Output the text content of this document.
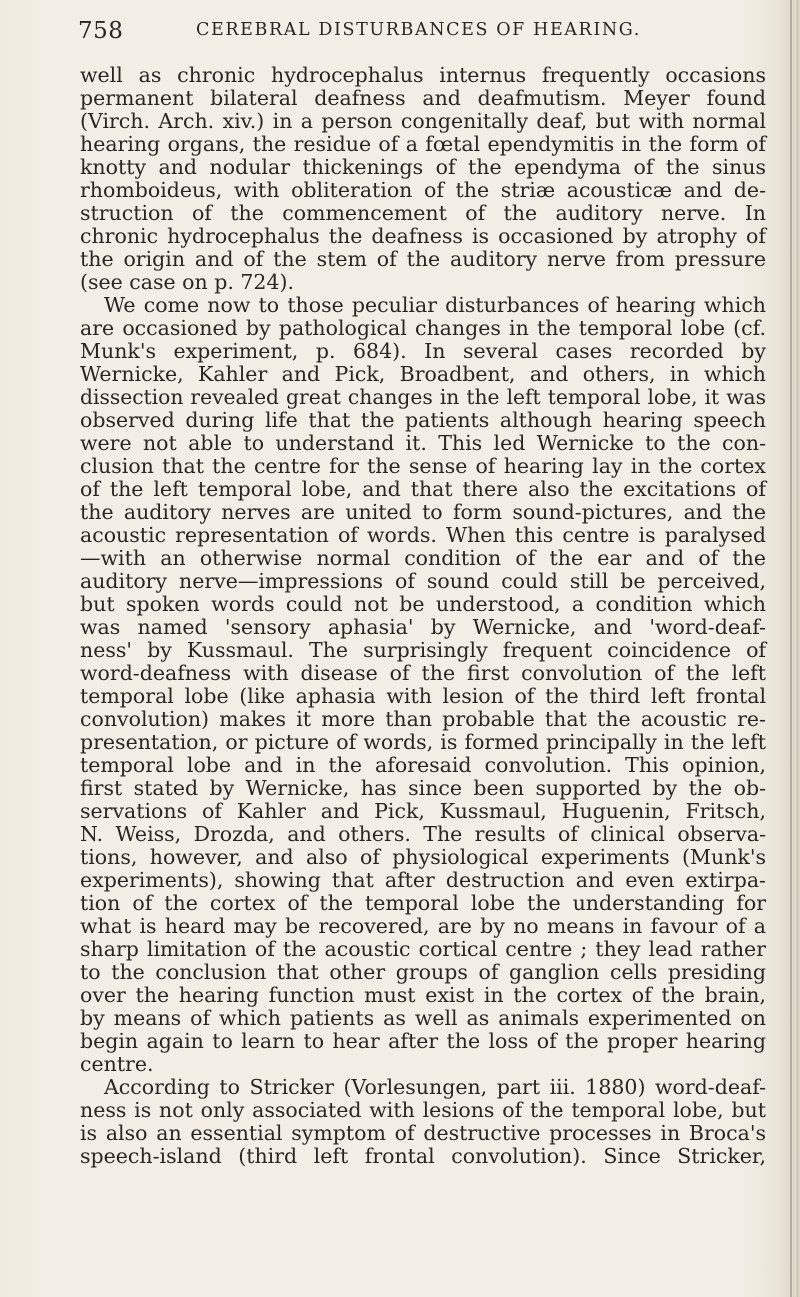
758	CEREBRAL DISTURBANCES OF HEARING.
well as chronic hydrocephalus internus frequently occasions
permanent bilateral deafness and deafmutism. Meyer found
(Virch. Arch. xiv.) in a person congenitally deaf, but with normal
hearing organs, the residue of a fœtal ependymitis in the form of
knotty and nodular thickenings of the ependyma of the sinus
rhomboideus, with obliteration of the striæ acousticæ and de-
struction of the commencement of the auditory nerve. In
chronic hydrocephalus the deafness is occasioned by atrophy of
the origin and of the stem of the auditory nerve from pressure
(see case on p. 724).
We come now to those peculiar disturbances of hearing which
are occasioned by pathological changes in the temporal lobe (cf.
Munk's experiment, p. 684). In several cases recorded by
Wernicke, Kahler and Pick, Broadbent, and others, in which
dissection revealed great changes in the left temporal lobe, it was
observed during life that the patients although hearing speech
were not able to understand it. This led Wernicke to the con-
clusion that the centre for the sense of hearing lay in the cortex
of the left temporal lobe, and that there also the excitations of
the auditory nerves are united to form sound-pictures, and the
acoustic representation of words. When this centre is paralysed
—with an otherwise normal condition of the ear and of the
auditory nerve—impressions of sound could still be perceived,
but spoken words could not be understood, a condition which
was named 'sensory aphasia' by Wernicke, and 'word-deaf-
ness' by Kussmaul. The surprisingly frequent coincidence of
word-deafness with disease of the first convolution of the left
temporal lobe (like aphasia with lesion of the third left frontal
convolution) makes it more than probable that the acoustic re-
presentation, or picture of words, is formed principally in the left
temporal lobe and in the aforesaid convolution. This opinion,
first stated by Wernicke, has since been supported by the ob-
servations of Kahler and Pick, Kussmaul, Huguenin, Fritsch,
N. Weiss, Drozda, and others. The results of clinical observa-
tions, however, and also of physiological experiments (Munk's
experiments), showing that after destruction and even extirpa-
tion of the cortex of the temporal lobe the understanding for
what is heard may be recovered, are by no means in favour of a
sharp limitation of the acoustic cortical centre ; they lead rather
to the conclusion that other groups of ganglion cells presiding
over the hearing function must exist in the cortex of the brain,
by means of which patients as well as animals experimented on
begin again to learn to hear after the loss of the proper hearing
centre.
According to Stricker (Vorlesungen, part iii. 1880) word-deaf-
ness is not only associated with lesions of the temporal lobe, but
is also an essential symptom of destructive processes in Broca's
speech-island (third left frontal convolution). Since Stricker,
